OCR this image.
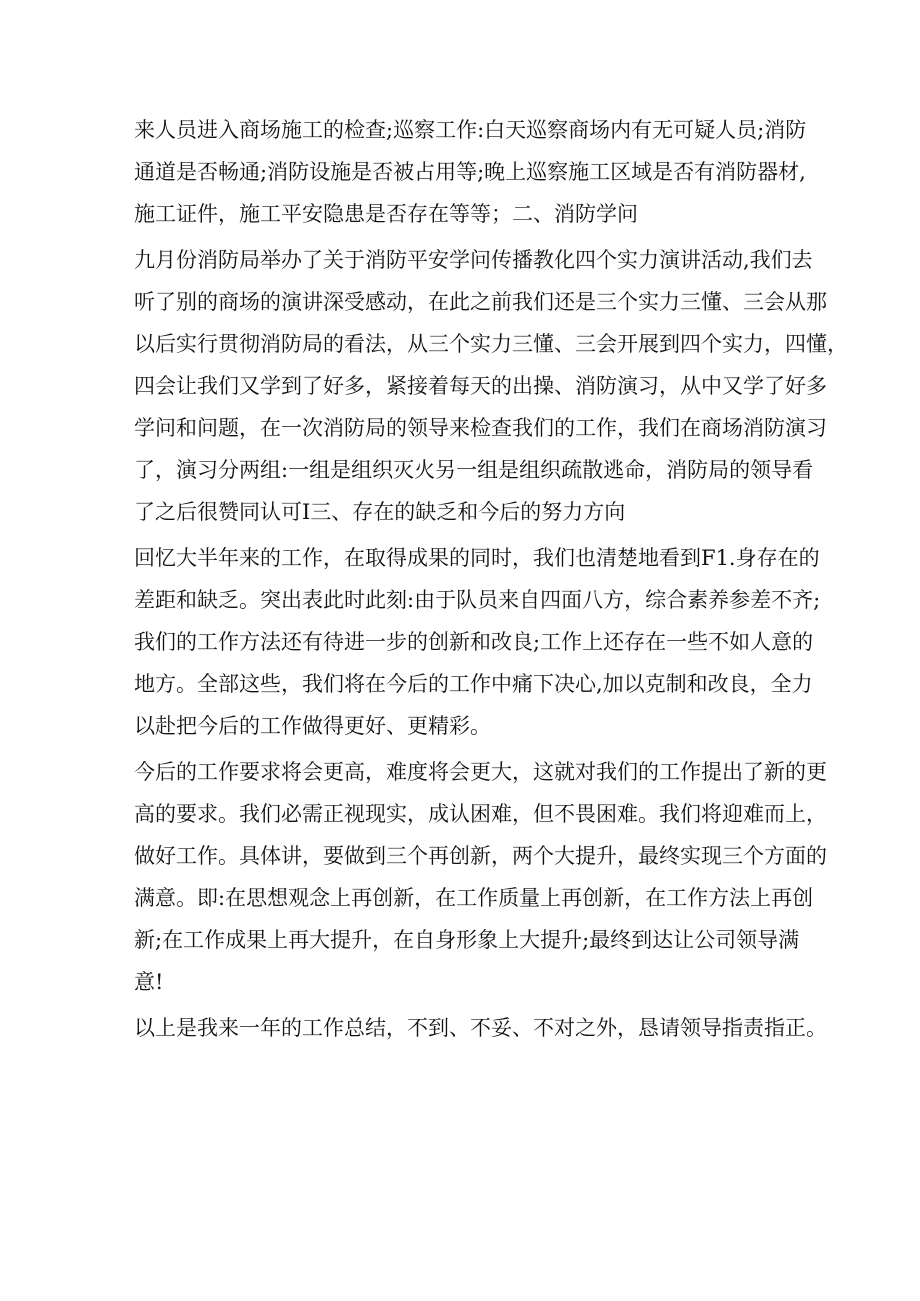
来人员进入商场施工的检查;巡察工作:白天巡察商场内有无可疑人员;消防
通道是否畅通;消防设施是否被占用等;晚上巡察施工区域是否有消防器材,
施工证件，施工平安隐患是否存在等等；二、消防学问
九月份消防局举办了关于消防平安学问传播教化四个实力演讲活动,我们去
听了别的商场的演讲深受感动，在此之前我们还是三个实力三懂、三会从那
以后实行贯彻消防局的看法，从三个实力三懂、三会开展到四个实力，四懂，
四会让我们又学到了好多，紧接着每天的出操、消防演习，从中又学了好多
学问和问题，在一次消防局的领导来检查我们的工作，我们在商场消防演习
了，演习分两组:一组是组织灭火另一组是组织疏散逃命，消防局的领导看
了之后很赞同认可I三、存在的缺乏和今后的努力方向
回忆大半年来的工作，在取得成果的同时，我们也清楚地看到F1.身存在的
差距和缺乏。突出表此时此刻:由于队员来自四面八方，综合素养参差不齐;
我们的工作方法还有待进一步的创新和改良;工作上还存在一些不如人意的
地方。全部这些，我们将在今后的工作中痛下决心,加以克制和改良，全力
以赴把今后的工作做得更好、更精彩。
今后的工作要求将会更高，难度将会更大，这就对我们的工作提出了新的更
高的要求。我们必需正视现实，成认困难，但不畏困难。我们将迎难而上，
做好工作。具体讲，要做到三个再创新，两个大提升，最终实现三个方面的
满意。即:在思想观念上再创新，在工作质量上再创新，在工作方法上再创
新;在工作成果上再大提升，在自身形象上大提升;最终到达让公司领导满
意!
以上是我来一年的工作总结，不到、不妥、不对之外，恳请领导指责指正。
